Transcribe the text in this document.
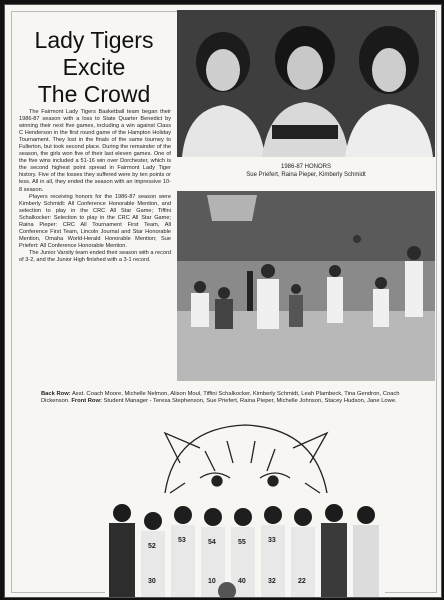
Lady Tigers
Excite
The Crowd

The Fairmont Lady Tigers Basketball team began their 1986-87 season with a loss to State Quarter Benedict by winning their next five games, including a win against Class C Henderson in the first round game of the Hampton Holiday Tournament. They lost in the finals of the same tourney to Fullerton, but took second place. During the remainder of the season, the girls won five of their last eleven games. One of the five wins included a 51-16 win over Dorchester, which is the second highest point spread in Fairmont Lady Tiger history. Five of the losses they suffered were by ten points or less. All in all, they ended the season with an impressive 10-8 season.

Players receiving honors for the 1986-87 season were Kimberly Schmidt: All Conference Honorable Mention, and selection to play in the CRC All Star Game; Tiffini Schalkocker: Selection to play in the CRC All Star Game; Raina Pieper: CRC All Tournament First Team, All Conference First Team, Lincoln Journal and Star Honorable Mention, Omaha World-Herald Honorable Mention; Sue Priefert: All Conference Honorable Mention.

The Junior Varsity team ended their season with a record of 3-2, and the Junior High finished with a 3-1 record.

1986-87 HONORS
Sue Priefert, Raina Pieper, Kimberly Schmidt
Back Row: Asst. Coach Moore, Michelle Nelmon, Alison Moul, Tiffini Schalkocker, Kimberly Schmidt, Leah Plambeck, Tina Gendron, Coach Dickenson. Front Row: Student Manager - Teresa Stephenson, Sue Priefert, Raina Pieper, Michelle Johnson, Stacey Hudson, Jane Lowe.
52
53	54	55	33
30	10	40	32	22
